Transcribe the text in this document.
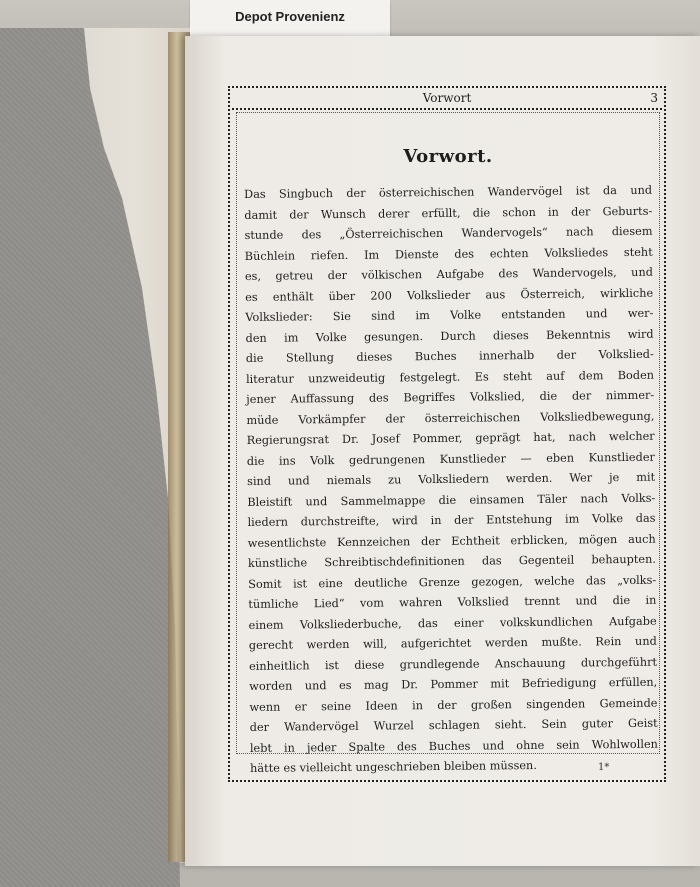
Depot Provenienz
Vorwort	3
Vorwort.
Das Singbuch der österreichischen Wandervögel ist da und
damit der Wunsch derer erfüllt, die schon in der Geburts-
stunde des „Österreichischen Wandervogels“ nach diesem
Büchlein riefen. Im Dienste des echten Volksliedes steht
es, getreu der völkischen Aufgabe des Wandervogels, und
es enthält über 200 Volkslieder aus Österreich, wirkliche
Volkslieder: Sie sind im Volke entstanden und wer-
den im Volke gesungen. Durch dieses Bekenntnis wird
die Stellung dieses Buches innerhalb der Volkslied-
literatur unzweideutig festgelegt. Es steht auf dem Boden
jener Auffassung des Begriffes Volkslied, die der nimmer-
müde Vorkämpfer der österreichischen Volksliedbewegung,
Regierungsrat Dr. Josef Pommer, geprägt hat, nach welcher
die ins Volk gedrungenen Kunstlieder — eben Kunstlieder
sind und niemals zu Volksliedern werden. Wer je mit
Bleistift und Sammelmappe die einsamen Täler nach Volks-
liedern durchstreifte, wird in der Entstehung im Volke das
wesentlichste Kennzeichen der Echtheit erblicken, mögen auch
künstliche Schreibtischdefinitionen das Gegenteil behaupten.
Somit ist eine deutliche Grenze gezogen, welche das „volks-
tümliche Lied“ vom wahren Volkslied trennt und die in
einem Volksliederbuche, das einer volkskundlichen Aufgabe
gerecht werden will, aufgerichtet werden mußte. Rein und
einheitlich ist diese grundlegende Anschauung durchgeführt
worden und es mag Dr. Pommer mit Befriedigung erfüllen,
wenn er seine Ideen in der großen singenden Gemeinde
der Wandervögel Wurzel schlagen sieht. Sein guter Geist
lebt in jeder Spalte des Buches und ohne sein Wohlwollen
hätte es vielleicht ungeschrieben bleiben müssen.	1*
